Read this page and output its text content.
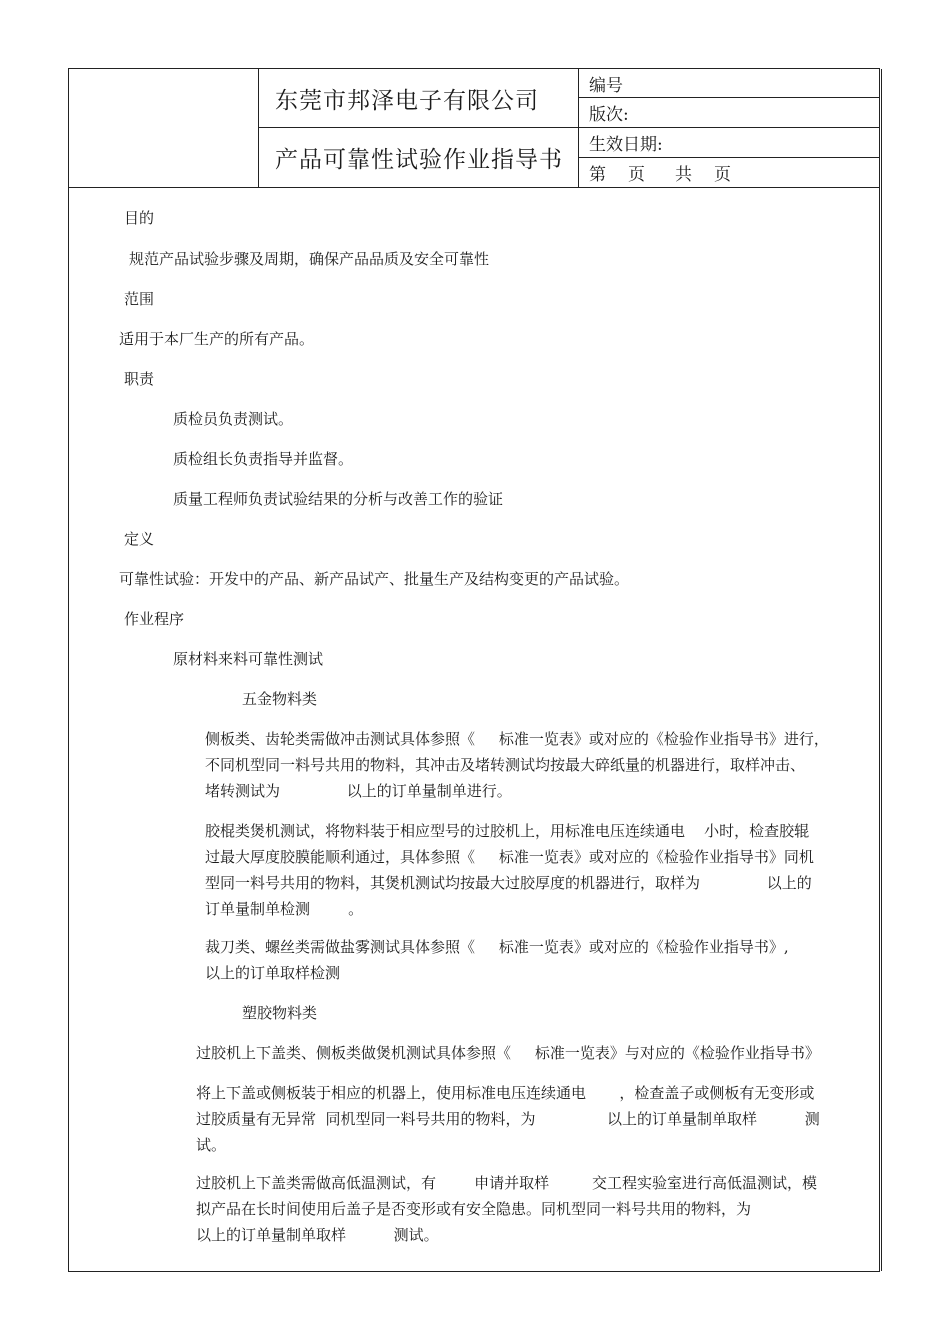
东莞市邦泽电子有限公司
产品可靠性试验作业指导书
编号
版次:
生效日期:
第 页 共 页
目的
规范产品试验步骤及周期，确保产品品质及安全可靠性
范围
适用于本厂生产的所有产品。
职责
质检员负责测试。
质检组长负责指导并监督。
质量工程师负责试验结果的分析与改善工作的验证
定义
可靠性试验：开发中的产品、新产品试产、批量生产及结构变更的产品试验。
作业程序
原材料来料可靠性测试
五金物料类
侧板类、齿轮类需做冲击测试具体参照《     标准一览表》或对应的《检验作业指导书》进行，
不同机型同一料号共用的物料，其冲击及堵转测试均按最大碎纸量的机器进行，取样冲击、
堵转测试为              以上的订单量制单进行。
胶棍类煲机测试，将物料装于相应型号的过胶机上，用标准电压连续通电    小时，检查胶辊
过最大厚度胶膜能顺利通过，具体参照《     标准一览表》或对应的《检验作业指导书》同机
型同一料号共用的物料，其煲机测试均按最大过胶厚度的机器进行，取样为              以上的
订单量制单检测        。
裁刀类、螺丝类需做盐雾测试具体参照《     标准一览表》或对应的《检验作业指导书》,
以上的订单取样检测
塑胶物料类
过胶机上下盖类、侧板类做煲机测试具体参照《     标准一览表》与对应的《检验作业指导书》
将上下盖或侧板装于相应的机器上，使用标准电压连续通电       ，检查盖子或侧板有无变形或
过胶质量有无异常  同机型同一料号共用的物料，为               以上的订单量制单取样          测
试。
过胶机上下盖类需做高低温测试，有        申请并取样         交工程实验室进行高低温测试，模
拟产品在长时间使用后盖子是否变形或有安全隐患。同机型同一料号共用的物料，为
以上的订单量制单取样          测试。
